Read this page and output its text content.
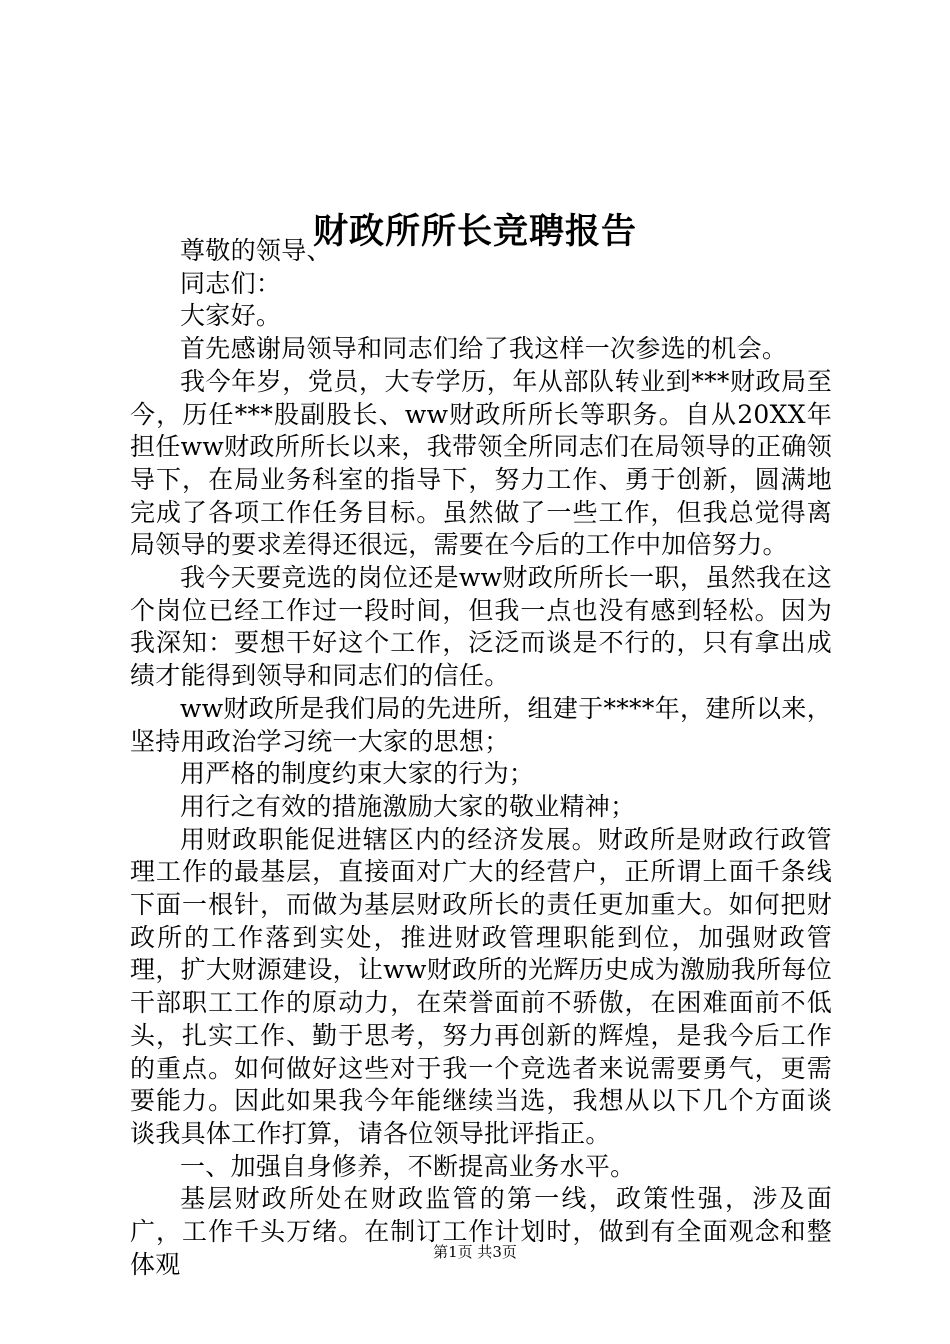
财政所所长竞聘报告

尊敬的领导、

同志们：

大家好。

首先感谢局领导和同志们给了我这样一次参选的机会。

我今年岁，党员，大专学历，年从部队转业到***财政局至今，历任***股副股长、ww财政所所长等职务。自从20XX年担任ww财政所所长以来，我带领全所同志们在局领导的正确领导下，在局业务科室的指导下，努力工作、勇于创新，圆满地完成了各项工作任务目标。虽然做了一些工作，但我总觉得离局领导的要求差得还很远，需要在今后的工作中加倍努力。

我今天要竞选的岗位还是ww财政所所长一职，虽然我在这个岗位已经工作过一段时间，但我一点也没有感到轻松。因为我深知：要想干好这个工作，泛泛而谈是不行的，只有拿出成绩才能得到领导和同志们的信任。

ww财政所是我们局的先进所，组建于****年，建所以来，坚持用政治学习统一大家的思想；

用严格的制度约束大家的行为；

用行之有效的措施激励大家的敬业精神；

用财政职能促进辖区内的经济发展。财政所是财政行政管理工作的最基层，直接面对广大的经营户，正所谓上面千条线下面一根针，而做为基层财政所长的责任更加重大。如何把财政所的工作落到实处，推进财政管理职能到位，加强财政管理，扩大财源建设，让ww财政所的光辉历史成为激励我所每位干部职工工作的原动力，在荣誉面前不骄傲，在困难面前不低头，扎实工作、勤于思考，努力再创新的辉煌，是我今后工作的重点。如何做好这些对于我一个竞选者来说需要勇气，更需要能力。因此如果我今年能继续当选，我想从以下几个方面谈谈我具体工作打算，请各位领导批评指正。

一、加强自身修养，不断提高业务水平。

基层财政所处在财政监管的第一线，政策性强，涉及面广，工作千头万绪。在制订工作计划时，做到有全面观念和整体观	第1页 共3页
